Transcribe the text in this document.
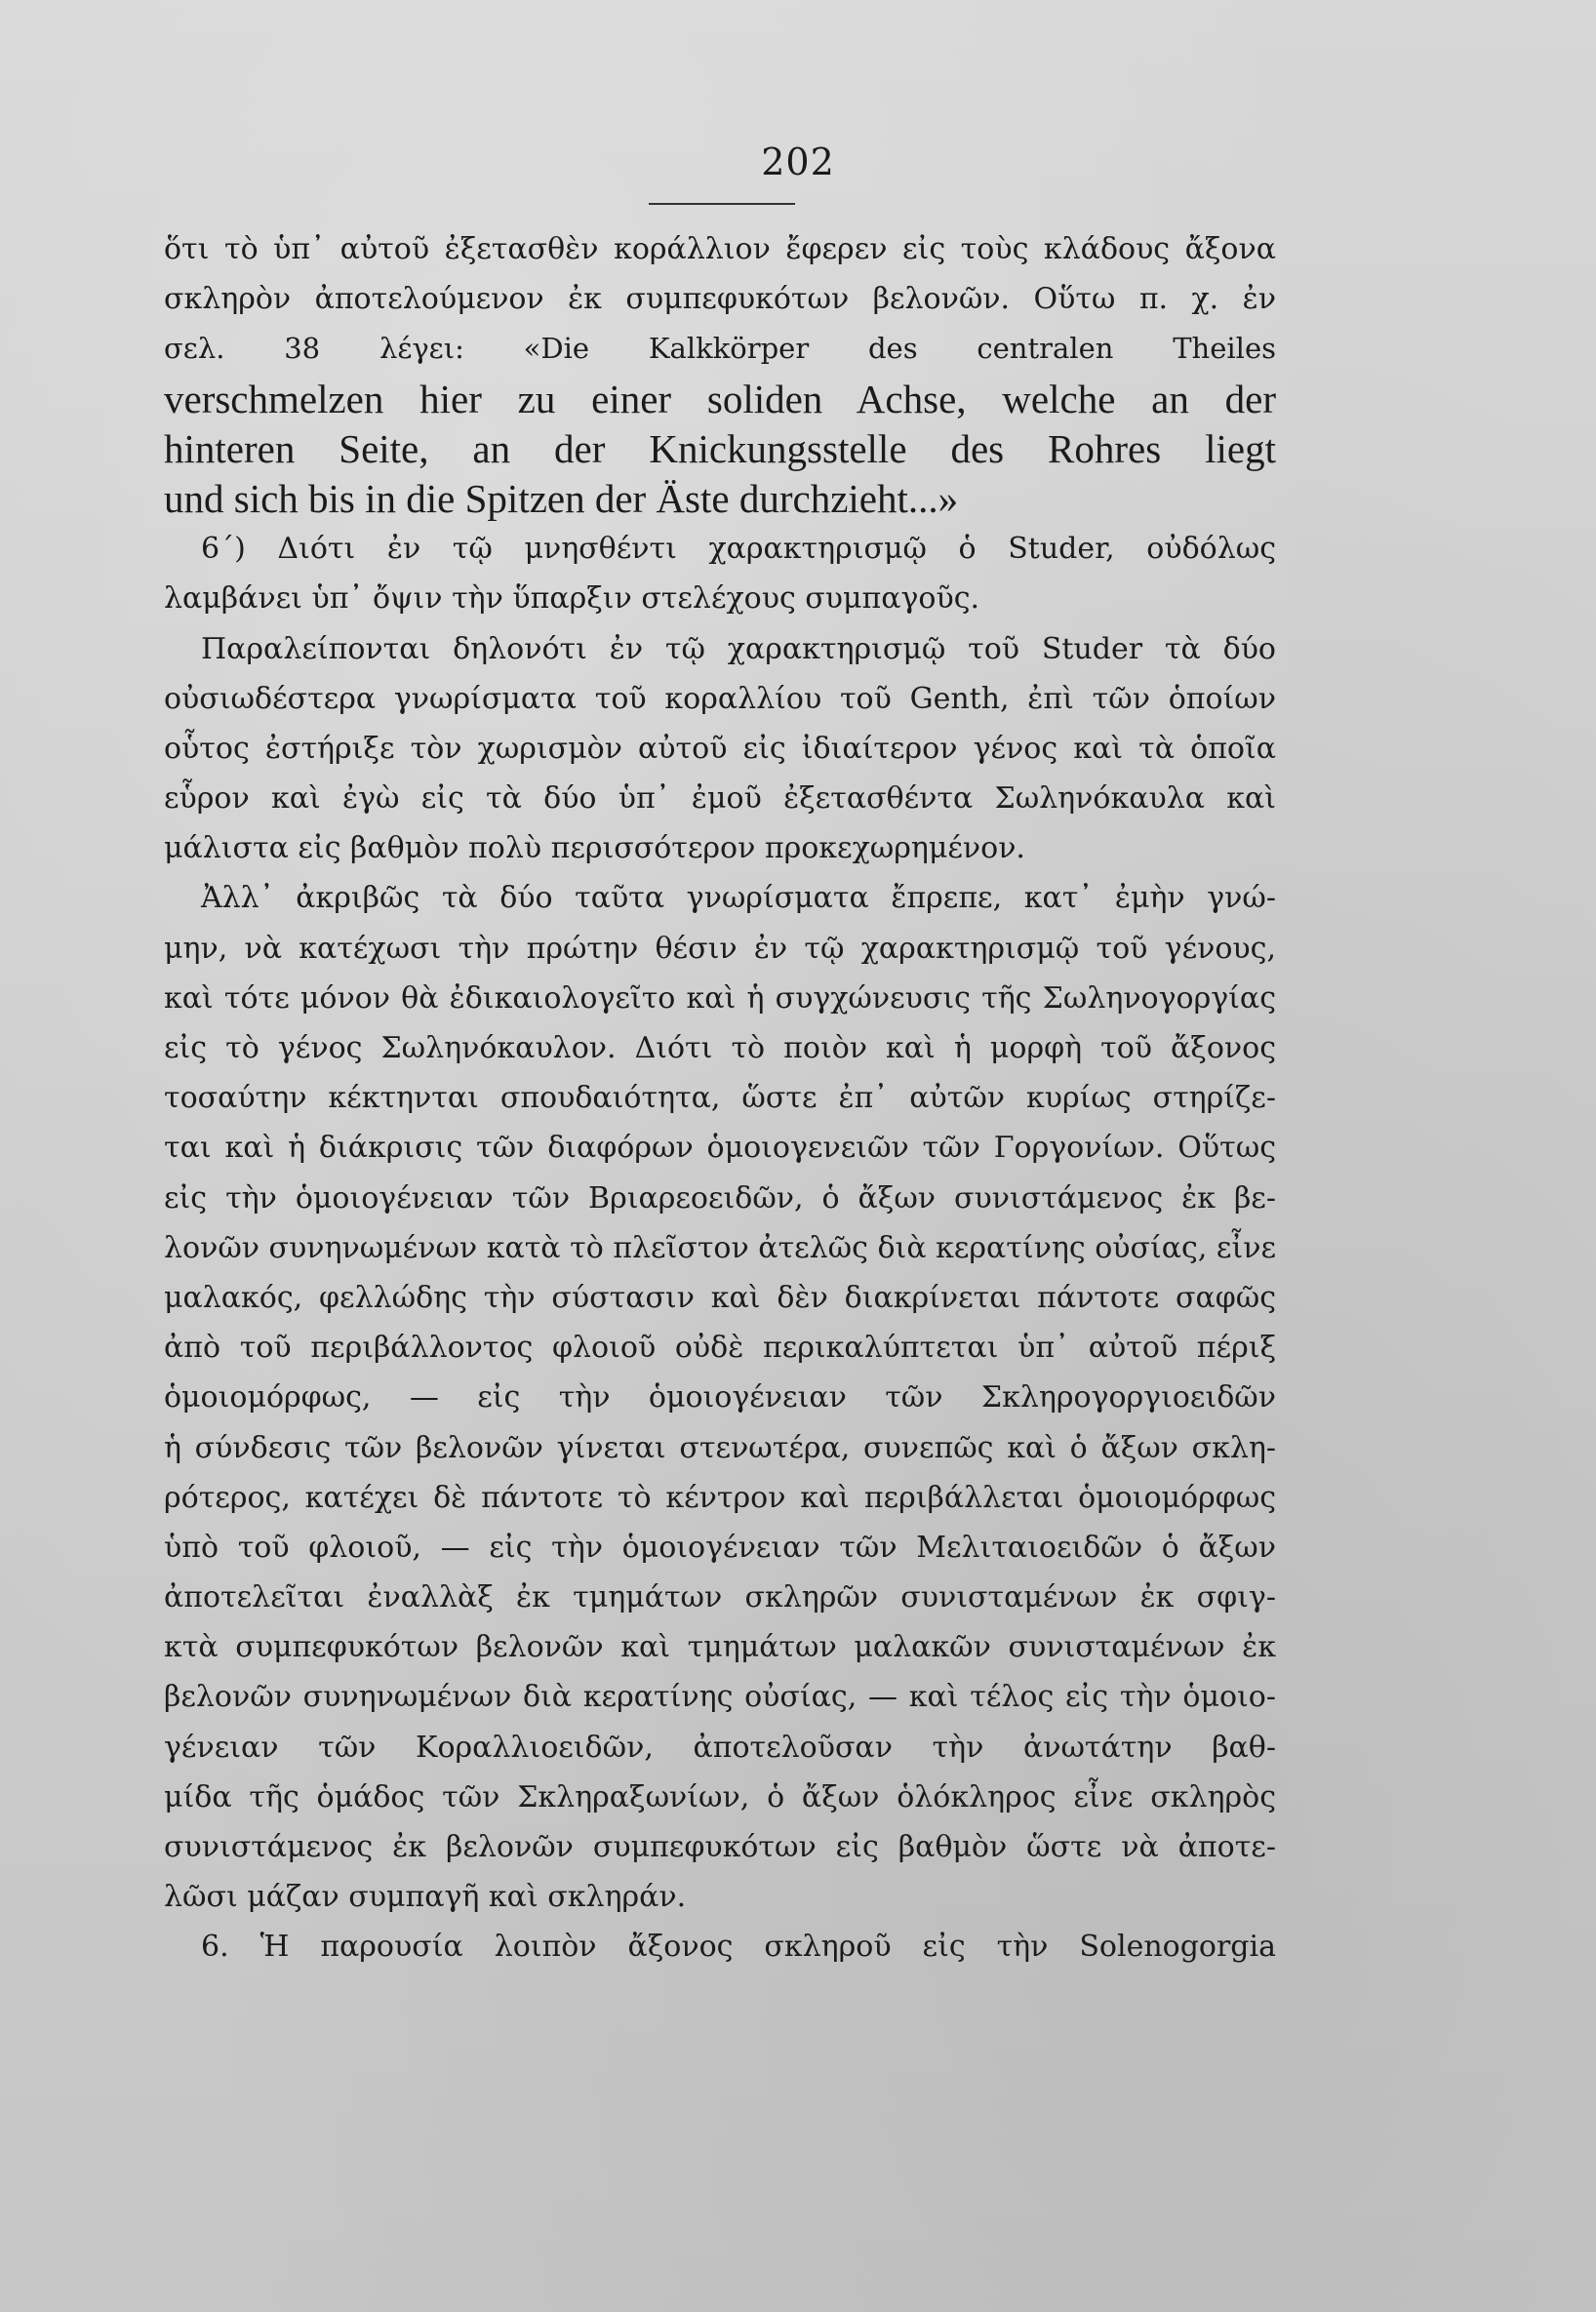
202
ὅτι τὸ ὑπ᾽ αὐτοῦ ἐξετασθὲν κοράλλιον ἔφερεν εἰς τοὺς κλάδους ἄξονα
σκληρὸν ἀποτελούμενον ἐκ συμπεφυκότων βελονῶν. Οὕτω π. χ. ἐν
σελ. 38 λέγει: «Die Kalkkörper des centralen Theiles
verschmelzen hier zu einer soliden Achse, welche an der
hinteren Seite, an der Knickungsstelle des Rohres liegt
und sich bis in die Spitzen der Äste durchzieht...»
6´) Διότι ἐν τῷ μνησθέντι χαρακτηρισμῷ ὁ Studer, οὐδόλως
λαμβάνει ὑπ᾽ ὄψιν τὴν ὕπαρξιν στελέχους συμπαγοῦς.
Παραλείπονται δηλονότι ἐν τῷ χαρακτηρισμῷ τοῦ Studer τὰ δύο
οὐσιωδέστερα γνωρίσματα τοῦ κοραλλίου τοῦ Genth, ἐπὶ τῶν ὁποίων
οὗτος ἐστήριξε τὸν χωρισμὸν αὐτοῦ εἰς ἰδιαίτερον γένος καὶ τὰ ὁποῖα
εὗρον καὶ ἐγὼ εἰς τὰ δύο ὑπ᾽ ἐμοῦ ἐξετασθέντα Σωληνόκαυλα καὶ
μάλιστα εἰς βαθμὸν πολὺ περισσότερον προκεχωρημένον.
Ἀλλ᾽ ἀκριβῶς τὰ δύο ταῦτα γνωρίσματα ἔπρεπε, κατ᾽ ἐμὴν γνώ-
μην, νὰ κατέχωσι τὴν πρώτην θέσιν ἐν τῷ χαρακτηρισμῷ τοῦ γένους,
καὶ τότε μόνον θὰ ἐδικαιολογεῖτο καὶ ἡ συγχώνευσις τῆς Σωληνογοργίας
εἰς τὸ γένος Σωληνόκαυλον. Διότι τὸ ποιὸν καὶ ἡ μορφὴ τοῦ ἄξονος
τοσαύτην κέκτηνται σπουδαιότητα, ὥστε ἐπ᾽ αὐτῶν κυρίως στηρίζε-
ται καὶ ἡ διάκρισις τῶν διαφόρων ὁμοιογενειῶν τῶν Γοργονίων. Οὕτως
εἰς τὴν ὁμοιογένειαν τῶν Βριαρεοειδῶν, ὁ ἄξων συνιστάμενος ἐκ βε-
λονῶν συνηνωμένων κατὰ τὸ πλεῖστον ἀτελῶς διὰ κερατίνης οὐσίας, εἶνε
μαλακός, φελλώδης τὴν σύστασιν καὶ δὲν διακρίνεται πάντοτε σαφῶς
ἀπὸ τοῦ περιβάλλοντος φλοιοῦ οὐδὲ περικαλύπτεται ὑπ᾽ αὐτοῦ πέριξ
ὁμοιομόρφως, — εἰς τὴν ὁμοιογένειαν τῶν Σκληρογοργιοειδῶν
ἡ σύνδεσις τῶν βελονῶν γίνεται στενωτέρα, συνεπῶς καὶ ὁ ἄξων σκλη-
ρότερος, κατέχει δὲ πάντοτε τὸ κέντρον καὶ περιβάλλεται ὁμοιομόρφως
ὑπὸ τοῦ φλοιοῦ, — εἰς τὴν ὁμοιογένειαν τῶν Μελιταιοειδῶν ὁ ἄξων
ἀποτελεῖται ἐναλλὰξ ἐκ τμημάτων σκληρῶν συνισταμένων ἐκ σφιγ-
κτὰ συμπεφυκότων βελονῶν καὶ τμημάτων μαλακῶν συνισταμένων ἐκ
βελονῶν συνηνωμένων διὰ κερατίνης οὐσίας, — καὶ τέλος εἰς τὴν ὁμοιο-
γένειαν τῶν Κοραλλιοειδῶν, ἀποτελοῦσαν τὴν ἀνωτάτην βαθ-
μίδα τῆς ὁμάδος τῶν Σκληραξωνίων, ὁ ἄξων ὁλόκληρος εἶνε σκληρὸς
συνιστάμενος ἐκ βελονῶν συμπεφυκότων εἰς βαθμὸν ὥστε νὰ ἀποτε-
λῶσι μάζαν συμπαγῆ καὶ σκληράν.
6. Ἡ παρουσία λοιπὸν ἄξονος σκληροῦ εἰς τὴν Solenogorgia
